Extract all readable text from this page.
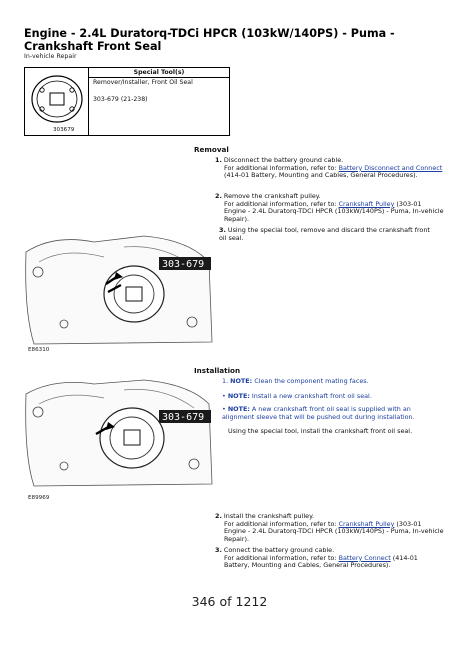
Engine - 2.4L Duratorq-TDCi HPCR (103kW/140PS) - Puma - Crankshaft Front Seal
In-vehicle Repair
303679
Special Tool(s)
Remover/Installer, Front Oil Seal
303-679 (21-238)
Removal
1. Disconnect the battery ground cable.
For additional information, refer to: Battery Disconnect and Connect (414-01 Battery, Mounting and Cables, General Procedures).
2. Remove the crankshaft pulley.
For additional information, refer to: Crankshaft Pulley (303-01 Engine - 2.4L Duratorq-TDCi HPCR (103kW/140PS) - Puma, In-vehicle Repair).
3. Using the special tool, remove and discard the crankshaft front oil seal.
303-679
E86310
Installation
1. NOTE: Clean the component mating faces.
• NOTE: Install a new crankshaft front oil seal.
• NOTE: A new crankshaft front oil seal is supplied with an alignment sleeve that will be pushed out during installation.
Using the special tool, install the crankshaft front oil seal.
303-679
E89969
2. Install the crankshaft pulley.
For additional information, refer to: Crankshaft Pulley (303-01 Engine - 2.4L Duratorq-TDCi HPCR (103kW/140PS) - Puma, In-vehicle Repair).
3. Connect the battery ground cable.
For additional information, refer to: Battery Connect (414-01 Battery, Mounting and Cables, General Procedures).
346 of 1212
